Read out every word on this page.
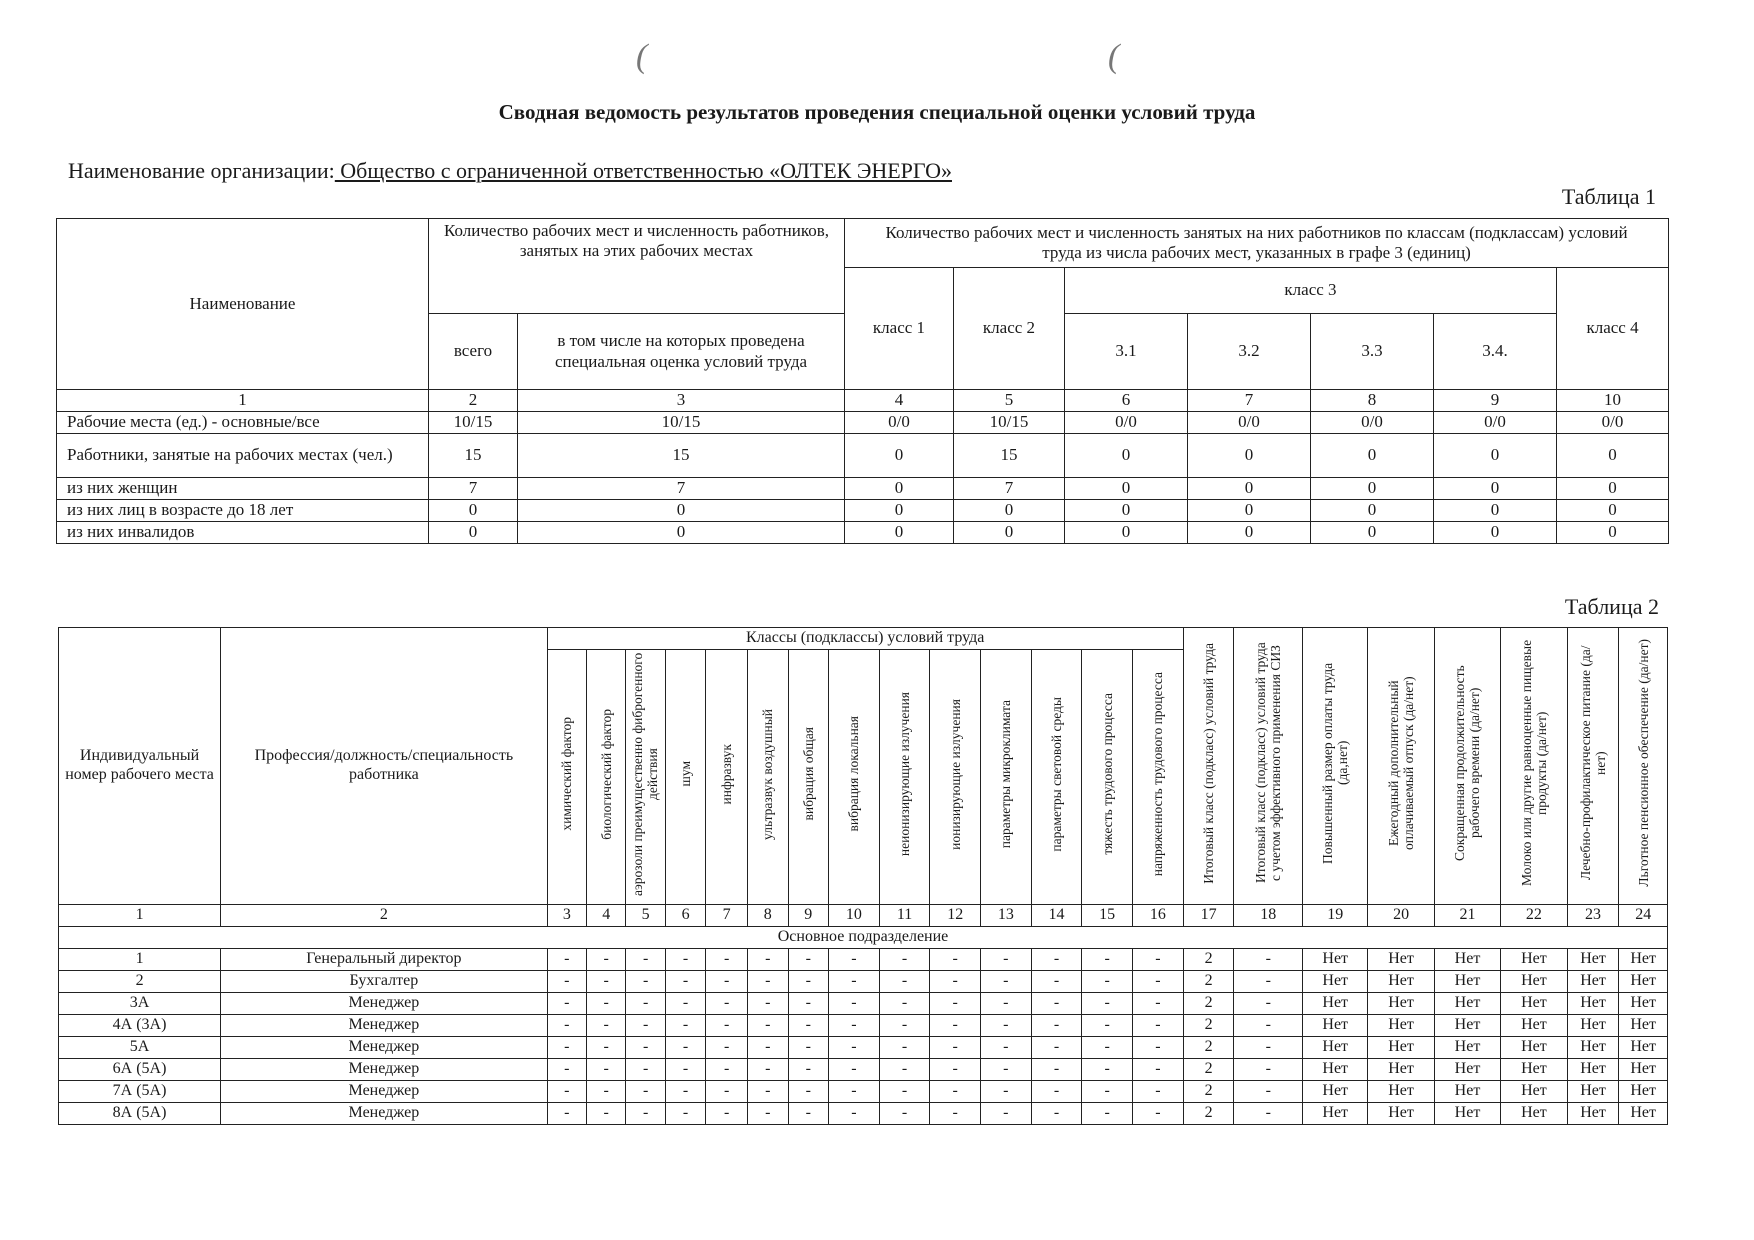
(	(
Сводная ведомость результатов проведения специальной оценки условий труда
Наименование организации: Общество с ограниченной ответственностью «ОЛТЕК ЭНЕРГО»
Таблица 1
Наименование	Количество рабочих мест и численность работников, занятых на этих рабочих местах		Количество рабочих мест и численность занятых на них работников по классам (подклассам) условий труда из числа рабочих мест, указанных в графе 3 (единиц)						
			класс 1	класс 2	класс 3				класс 4
	всего	в том числе на которых проведена специальная оценка условий труда			3.1	3.2	3.3	3.4.	
1	2	3	4	5	6	7	8	9	10
Рабочие места (ед.) - основные/все	10/15	10/15	0/0	10/15	0/0	0/0	0/0	0/0	0/0
Работники, занятые на рабочих местах (чел.)	15	15	0	15	0	0	0	0	0
из них женщин	7	7	0	7	0	0	0	0	0
из них лиц в возрасте до 18 лет	0	0	0	0	0	0	0	0	0
из них инвалидов	0	0	0	0	0	0	0	0	0
Таблица 2
Индивидуальный номер рабочего места	Профессия/должность/специальность работника	Классы (подклассы) условий труда														Итоговый класс (подкласс) условий труда	Итоговый класс (подкласс) условий труда с учетом эффективного применения СИЗ	Повышенный размер оплаты труда (да,нет)	Ежегодный дополнительный оплачиваемый отпуск (да/нет)	Сокращенная продолжительность рабочего времени (да/нет)	Молоко или другие равноценные пищевые продукты (да/нет)	Лечебно-профилактическое питание (да/нет)	Льготное пенсионное обеспечение (да/нет)
		химический фактор	биологический фактор	аэрозоли преимущественно фиброгенного действия	шум	инфразвук	ультразвук воздушный	вибрация общая	вибрация локальная	неионизирующие излучения	ионизирующие излучения	параметры микроклимата	параметры световой среды	тяжесть трудового процесса	напряженность трудового процесса								
1	2	3	4	5	6	7	8	9	10	11	12	13	14	15	16	17	18	19	20	21	22	23	24
Основное подразделение																							
1	Генеральный директор	-	-	-	-	-	-	-	-	-	-	-	-	-	-	2	-	Нет	Нет	Нет	Нет	Нет	Нет
2	Бухгалтер	-	-	-	-	-	-	-	-	-	-	-	-	-	-	2	-	Нет	Нет	Нет	Нет	Нет	Нет
3А	Менеджер	-	-	-	-	-	-	-	-	-	-	-	-	-	-	2	-	Нет	Нет	Нет	Нет	Нет	Нет
4А (3А)	Менеджер	-	-	-	-	-	-	-	-	-	-	-	-	-	-	2	-	Нет	Нет	Нет	Нет	Нет	Нет
5А	Менеджер	-	-	-	-	-	-	-	-	-	-	-	-	-	-	2	-	Нет	Нет	Нет	Нет	Нет	Нет
6А (5А)	Менеджер	-	-	-	-	-	-	-	-	-	-	-	-	-	-	2	-	Нет	Нет	Нет	Нет	Нет	Нет
7А (5А)	Менеджер	-	-	-	-	-	-	-	-	-	-	-	-	-	-	2	-	Нет	Нет	Нет	Нет	Нет	Нет
8А (5А)	Менеджер	-	-	-	-	-	-	-	-	-	-	-	-	-	-	2	-	Нет	Нет	Нет	Нет	Нет	Нет
